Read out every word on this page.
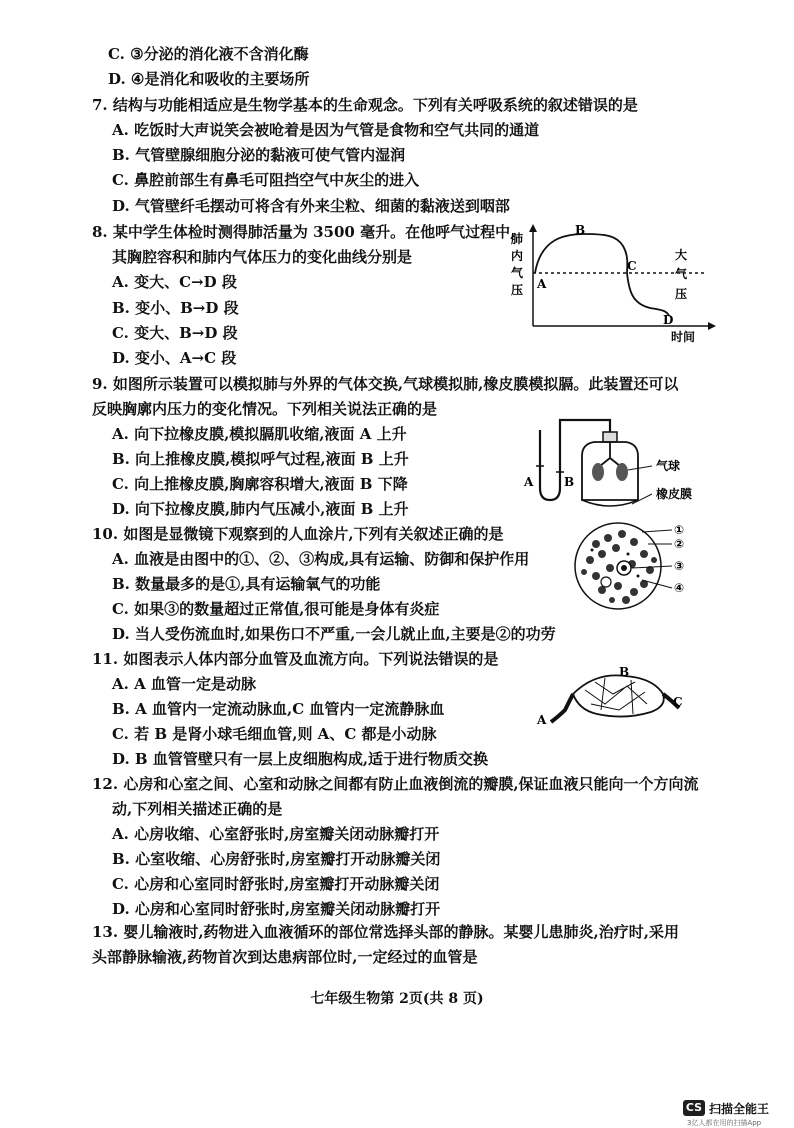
C. ③分泌的消化液不含消化酶
D. ④是消化和吸收的主要场所
7. 结构与功能相适应是生物学基本的生命观念。下列有关呼吸系统的叙述错误的是
A. 吃饭时大声说笑会被呛着是因为气管是食物和空气共同的通道
B. 气管壁腺细胞分泌的黏液可使气管内湿润
C. 鼻腔前部生有鼻毛可阻挡空气中灰尘的进入
D. 气管壁纤毛摆动可将含有外来尘粒、细菌的黏液送到咽部
8. 某中学生体检时测得肺活量为 3500 毫升。在他呼气过程中,
其胸腔容积和肺内气体压力的变化曲线分别是
A. 变大、C→D 段
B. 变小、B→D 段
C. 变大、B→D 段
D. 变小、A→C 段
9. 如图所示装置可以模拟肺与外界的气体交换,气球模拟肺,橡皮膜模拟膈。此装置还可以
反映胸廓内压力的变化情况。下列相关说法正确的是
A. 向下拉橡皮膜,模拟膈肌收缩,液面 A 上升
B. 向上推橡皮膜,模拟呼气过程,液面 B 上升
C. 向上推橡皮膜,胸廓容积增大,液面 B 下降
D. 向下拉橡皮膜,肺内气压减小,液面 B 上升
10. 如图是显微镜下观察到的人血涂片,下列有关叙述正确的是
A. 血液是由图中的①、②、③构成,具有运输、防御和保护作用
B. 数量最多的是①,具有运输氧气的功能
C. 如果③的数量超过正常值,很可能是身体有炎症
D. 当人受伤流血时,如果伤口不严重,一会儿就止血,主要是②的功劳
11. 如图表示人体内部分血管及血流方向。下列说法错误的是
A. A 血管一定是动脉
B. A 血管内一定流动脉血,C 血管内一定流静脉血
C. 若 B 是肾小球毛细血管,则 A、C 都是小动脉
D. B 血管管壁只有一层上皮细胞构成,适于进行物质交换
12. 心房和心室之间、心室和动脉之间都有防止血液倒流的瓣膜,保证血液只能向一个方向流
动,下列相关描述正确的是
A. 心房收缩、心室舒张时,房室瓣关闭动脉瓣打开
B. 心室收缩、心房舒张时,房室瓣打开动脉瓣关闭
C. 心房和心室同时舒张时,房室瓣打开动脉瓣关闭
D. 心房和心室同时舒张时,房室瓣关闭动脉瓣打开
13. 婴儿输液时,药物进入血液循环的部位常选择头部的静脉。某婴儿患肺炎,治疗时,采用
头部静脉输液,药物首次到达患病部位时,一定经过的血管是
肺
内
气
压 A
B
C
D
大
气
压
时间
A	B
气球
橡皮膜
①
②
③
④
A
B
C
七年级生物第 2页(共 8 页)
CS 扫描全能王
3亿人都在用的扫描App
